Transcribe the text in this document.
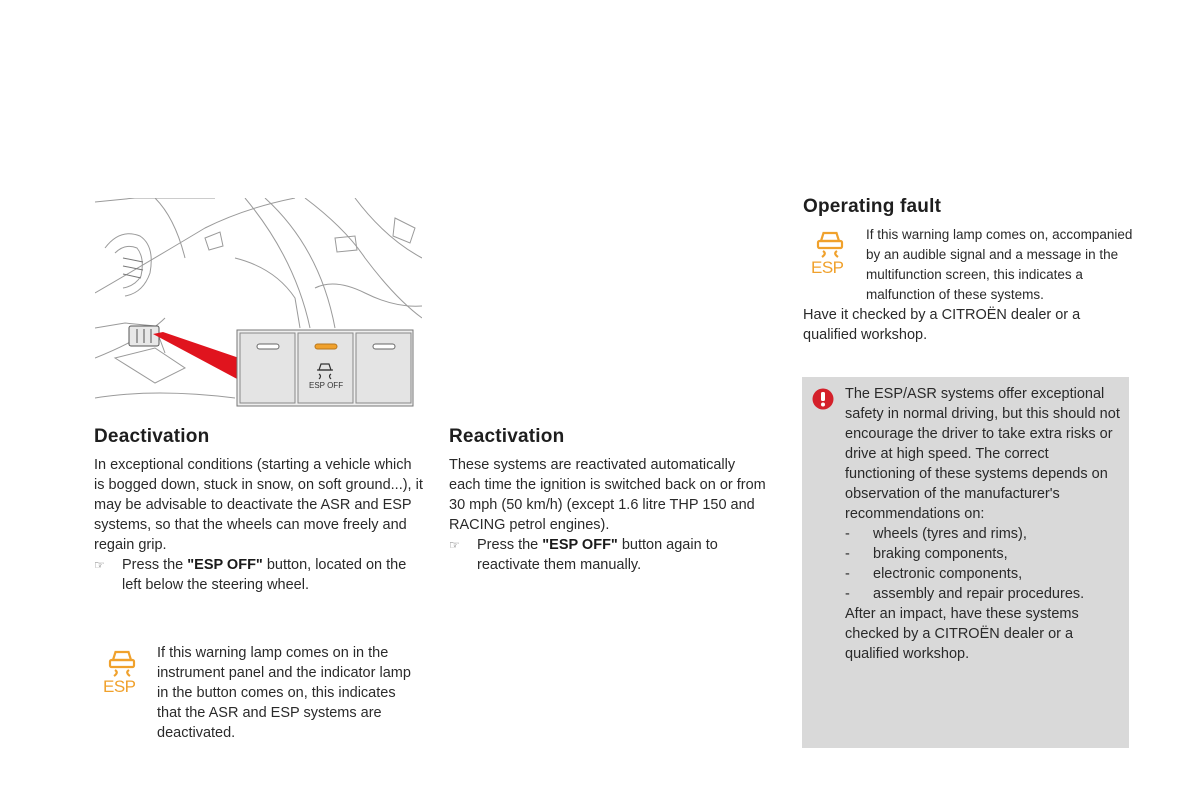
ESP OFF
Deactivation

In exceptional conditions (starting a vehicle which is bogged down, stuck in snow, on soft ground...), it may be advisable to deactivate the ASR and ESP systems, so that the wheels can move freely and regain grip.

☞ Press the "ESP OFF" button, located on the left below the steering wheel.
ESP

If this warning lamp comes on in the instrument panel and the indicator lamp in the button comes on, this indicates that the ASR and ESP systems are deactivated.

Reactivation

These systems are reactivated automatically each time the ignition is switched back on or from 30 mph (50 km/h) (except 1.6 litre THP 150 and RACING petrol engines).

☞ Press the "ESP OFF" button again to reactivate them manually.
Operating fault
ESP

If this warning lamp comes on, accompanied by an audible signal and a message in the multifunction screen, this indicates a malfunction of these systems.

Have it checked by a CITROËN dealer or a qualified workshop.

The ESP/ASR systems offer exceptional safety in normal driving, but this should not encourage the driver to take extra risks or drive at high speed. The correct functioning of these systems depends on observation of the manufacturer's recommendations on:

- wheels (tyres and rims),
- braking components,
- electronic components,
- assembly and repair procedures.

After an impact, have these systems checked by a CITROËN dealer or a qualified workshop.
